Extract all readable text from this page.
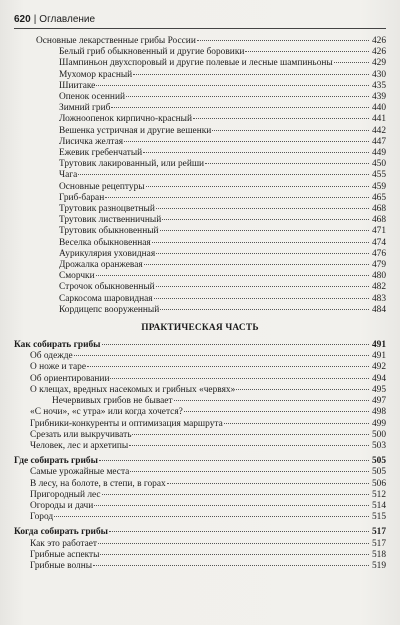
620 | Оглавление
Основные лекарственные грибы России	426
Белый гриб обыкновенный и другие боровики	426
Шампиньон двухспоровый и другие полевые и лесные шампиньоны	429
Мухомор красный	430
Шиитаке	435
Опенок осенний	439
Зимний гриб	440
Ложноопенок кирпично-красный	441
Вешенка устричная и другие вешенки	442
Лисичка желтая	447
Ежевик гребенчатый	449
Трутовик лакированный, или рейши	450
Чага	455
Основные рецептуры	459
Гриб-баран	465
Трутовик разноцветный	468
Трутовик лиственничный	468
Трутовик обыкновенный	471
Веселка обыкновенная	474
Аурикулярия уховидная	476
Дрожалка оранжевая	479
Сморчки	480
Строчок обыкновенный	482
Саркосома шаровидная	483
Кордицепс вооруженный	484
ПРАКТИЧЕСКАЯ ЧАСТЬ
Как собирать грибы	491
Об одежде	491
О ноже и таре	492
Об ориентировании	494
О клещах, вредных насекомых и грибных «червях»	495
Нечервивых грибов не бывает	497
«С ночи», «с утра» или когда хочется?	498
Грибники-конкуренты и оптимизация маршрута	499
Срезать или выкручивать	500
Человек, лес и архетипы	503
Где собирать грибы	505
Самые урожайные места	505
В лесу, на болоте, в степи, в горах	506
Пригородный лес	512
Огороды и дачи	514
Город	515
Когда собирать грибы	517
Как это работает	517
Грибные аспекты	518
Грибные волны	519
